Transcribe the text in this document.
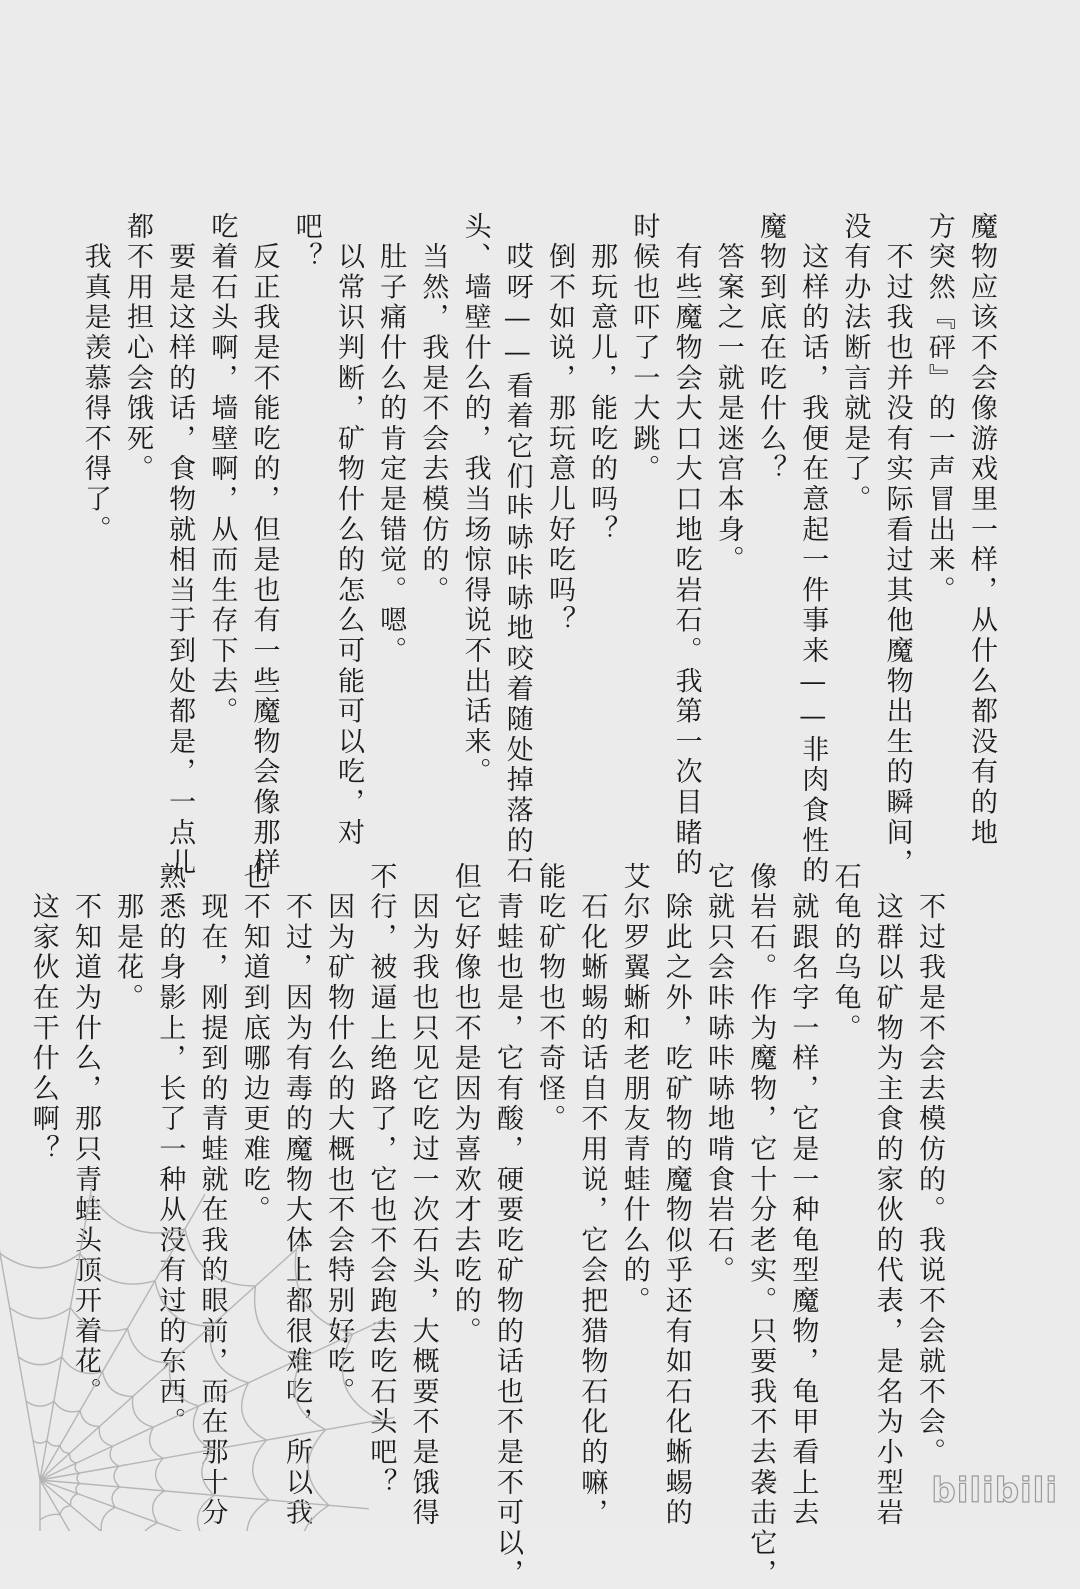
魔物应该不会像游戏里一样，从什么都没有的地
方突然『砰』的一声冒出来。
　不过我也并没有实际看过其他魔物出生的瞬间，
没有办法断言就是了。
　这样的话，我便在意起一件事来——非肉食性的
魔物到底在吃什么？
　答案之一就是迷宫本身。
　有些魔物会大口大口地吃岩石。我第一次目睹的
时候也吓了一大跳。
　那玩意儿，能吃的吗？
　倒不如说，那玩意儿好吃吗？
　哎呀——看着它们咔哧咔哧地咬着随处掉落的石
头、墙壁什么的，我当场惊得说不出话来。
　当然，我是不会去模仿的。
　肚子痛什么的肯定是错觉。嗯。
　以常识判断，矿物什么的怎么可能可以吃，对
吧？
　反正我是不能吃的，但是也有一些魔物会像那样
吃着石头啊，墙壁啊，从而生存下去。
　要是这样的话，食物就相当于到处都是，一点儿
都不用担心会饿死。
　我真是羡慕得不得了。
　不过我是不会去模仿的。我说不会就不会。
　这群以矿物为主食的家伙的代表，是名为小型岩
石龟的乌龟。
　就跟名字一样，它是一种龟型魔物，龟甲看上去
像岩石。作为魔物，它十分老实。只要我不去袭击它，
它就只会咔哧咔哧地啃食岩石。
　除此之外，吃矿物的魔物似乎还有如石化蜥蜴的
艾尔罗翼蜥和老朋友青蛙什么的。
　石化蜥蜴的话自不用说，它会把猎物石化的嘛，
能吃矿物也不奇怪。
　青蛙也是，它有酸，硬要吃矿物的话也不是不可以，
但它好像也不是因为喜欢才去吃的。
　因为我也只见它吃过一次石头，大概要不是饿得
不行，被逼上绝路了，它也不会跑去吃石头吧？
　因为矿物什么的大概也不会特别好吃。
　不过，因为有毒的魔物大体上都很难吃，所以我
也不知道到底哪边更难吃。
　现在，刚提到的青蛙就在我的眼前，而在那十分
熟悉的身影上，长了一种从没有过的东西。
　那是花。
　不知道为什么，那只青蛙头顶开着花。
　这家伙在干什么啊？
bilibili
